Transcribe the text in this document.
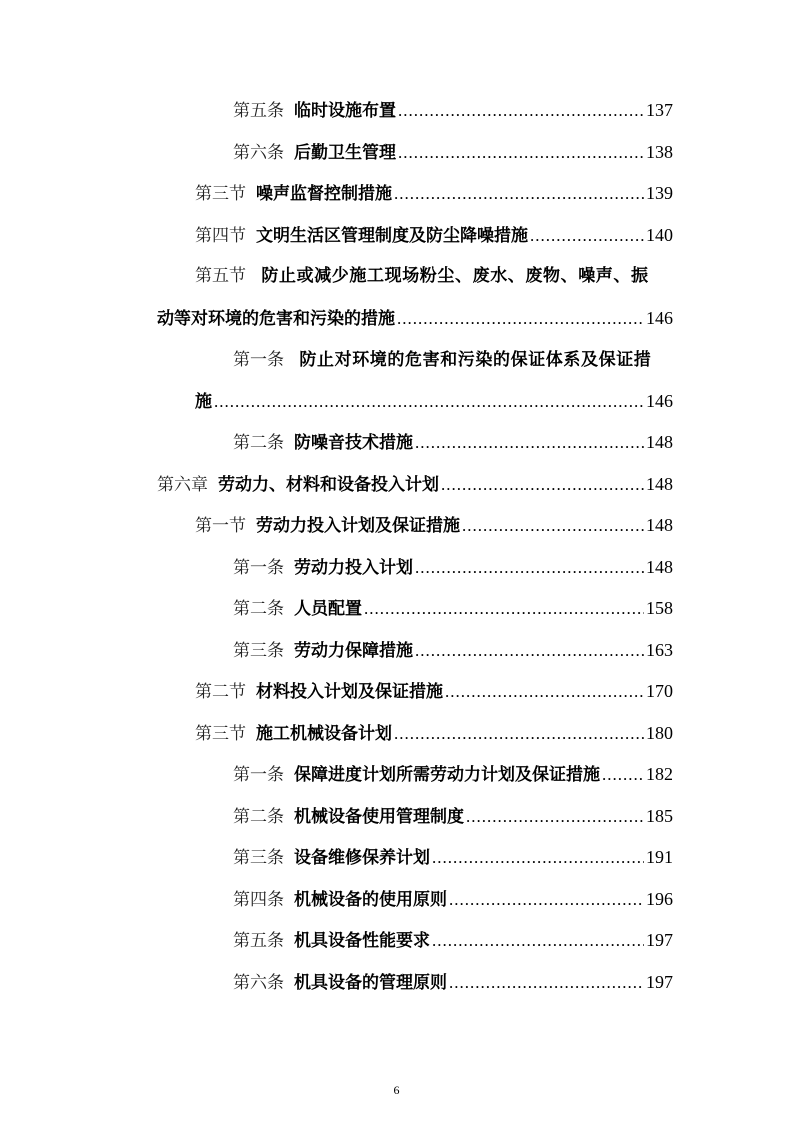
第五条 临时设施布置 .....	137
第六条 后勤卫生管理 .....	138
第三节 噪声监督控制措施 .....	139
第四节 文明生活区管理制度及防尘降噪措施 .....	140
第五节 防止或减少施工现场粉尘、废水、废物、噪声、振
动等对环境的危害和污染的措施 .....	146
第一条 防止对环境的危害和污染的保证体系及保证措
施 .....	146
第二条 防噪音技术措施 .....	148
第六章 劳动力、材料和设备投入计划 .....	148
第一节 劳动力投入计划及保证措施 .....	148
第一条 劳动力投入计划 .....	148
第二条 人员配置 .....	158
第三条 劳动力保障措施 .....	163
第二节 材料投入计划及保证措施 .....	170
第三节 施工机械设备计划 .....	180
第一条 保障进度计划所需劳动力计划及保证措施 .....	182
第二条 机械设备使用管理制度 .....	185
第三条 设备维修保养计划 .....	191
第四条 机械设备的使用原则 .....	196
第五条 机具设备性能要求 .....	197
第六条 机具设备的管理原则 .....	197
6
